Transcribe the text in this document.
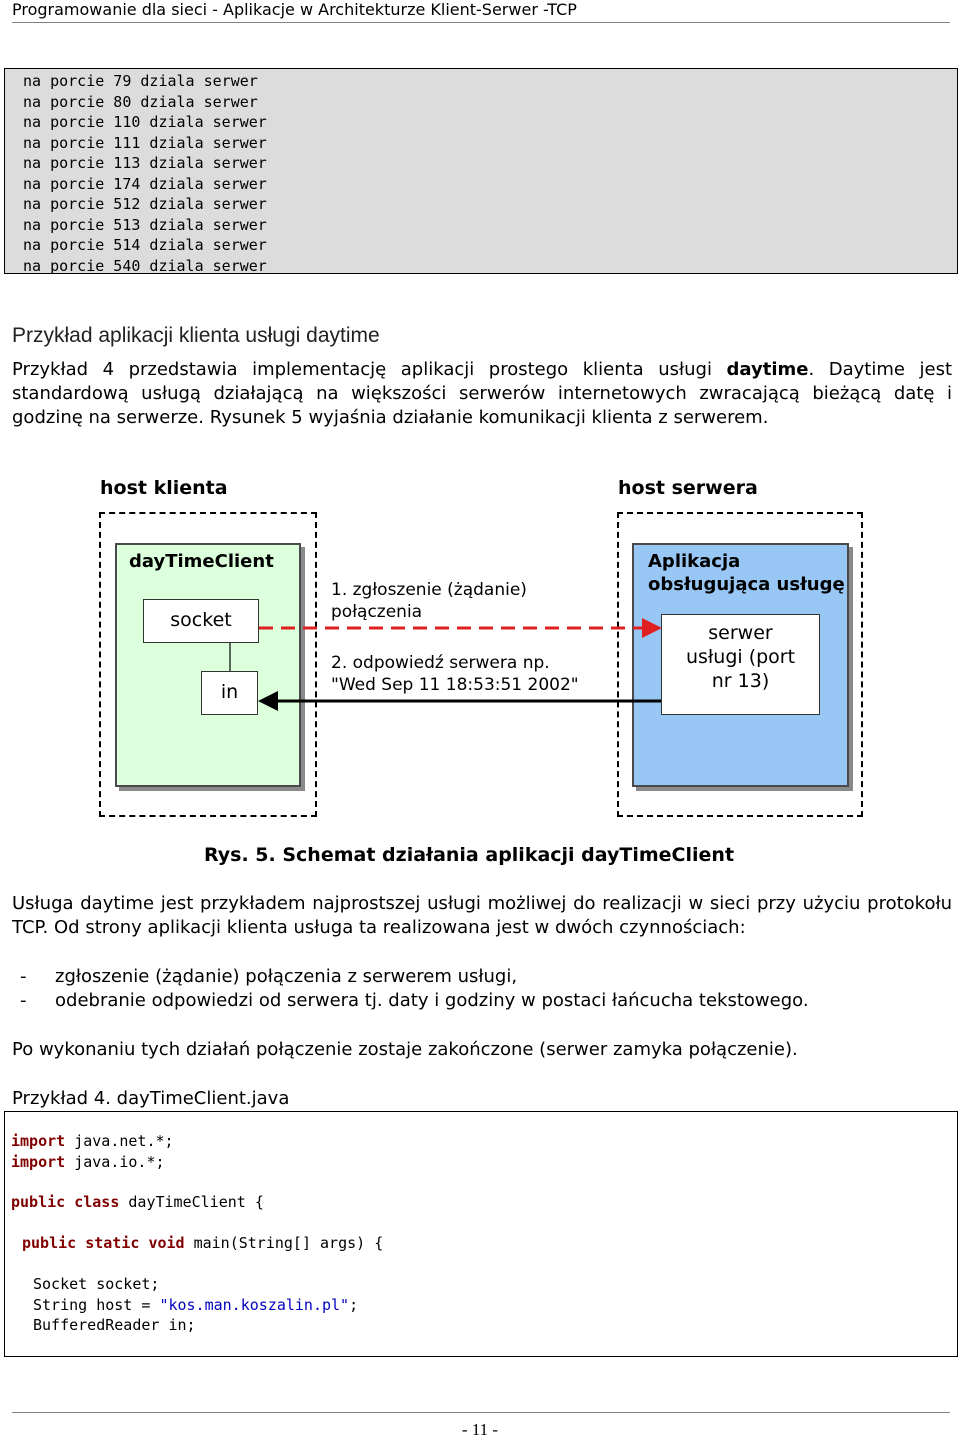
Programowanie dla sieci - Aplikacje w Architekturze Klient-Serwer -TCP
na porcie 79 dziala serwer
na porcie 80 dziala serwer
na porcie 110 dziala serwer
na porcie 111 dziala serwer
na porcie 113 dziala serwer
na porcie 174 dziala serwer
na porcie 512 dziala serwer
na porcie 513 dziala serwer
na porcie 514 dziala serwer
na porcie 540 dziala serwer
Przykład aplikacji klienta usługi daytime
Przykład 4 przedstawia implementację aplikacji prostego klienta usługi daytime. Daytime jest standardową usługą działającą na większości serwerów internetowych zwracającą bieżącą datę i godzinę na serwerze. Rysunek 5 wyjaśnia działanie komunikacji klienta z serwerem.
host klienta	host serwera
dayTimeClient	Aplikacja
obsługująca usługę
socket
in
serwer
usługi (port
nr 13)
1. zgłoszenie (żądanie)
połączenia
2. odpowiedź serwera np.
"Wed Sep 11 18:53:51 2002"
Rys. 5. Schemat działania aplikacji dayTimeClient
Usługa daytime jest przykładem najprostszej usługi możliwej do realizacji w sieci przy użyciu protokołu TCP. Od strony aplikacji klienta usługa ta realizowana jest w dwóch czynnościach:
-	zgłoszenie (żądanie) połączenia z serwerem usługi,
-	odebranie odpowiedzi od serwera tj. daty i godziny w postaci łańcucha tekstowego.
Po wykonaniu tych działań połączenie zostaje zakończone (serwer zamyka połączenie).
Przykład 4. dayTimeClient.java
import java.net.*;
import java.io.*;
public class dayTimeClient {
public static void main(String[] args) {
Socket socket;
String host = "kos.man.koszalin.pl";
BufferedReader in;
- 11 -
